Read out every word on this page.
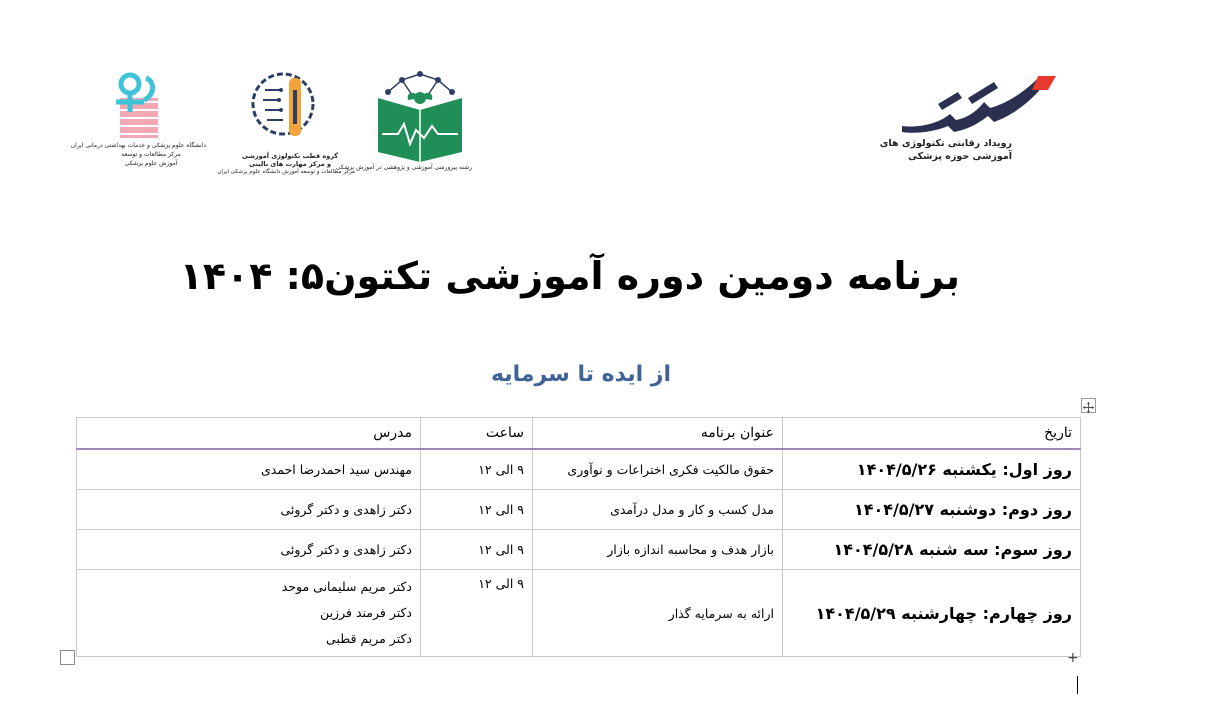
رویداد رقابتی تکنولوژی های
آموزشی حوزه پزشکی
رشته پیرورشی آموزشی و پژوهشی در آموزش پزشکی
گروه قطب تکنولوژی آموزشی
و مرکز مهارت های بالینی
مرکز مطالعات و توسعه آموزش دانشگاه علوم پزشکی ایران
دانشگاه علوم پزشکی و خدمات بهداشتی درمانی ایران
مرکز مطالعات و توسعه
آموزش علوم پزشکی
برنامه دومین دوره آموزشی تکتون۵: ۱۴۰۴
از ایده تا سرمایه
تاریخ	عنوان برنامه	ساعت	مدرس
روز اول: یکشنبه ۱۴۰۴/۵/۲۶	حقوق مالکیت فکری اختراعات و نوآوری	۹ الی ۱۲	مهندس سید احمدرضا احمدی
روز دوم: دوشنبه ۱۴۰۴/۵/۲۷	مدل کسب و کار و مدل درآمدی	۹ الی ۱۲	دکتر زاهدی و دکتر گروئی
روز سوم: سه شنبه ۱۴۰۴/۵/۲۸	بازار هدف و محاسبه اندازه بازار	۹ الی ۱۲	دکتر زاهدی و دکتر گروئی
روز چهارم: چهارشنبه ۱۴۰۴/۵/۲۹	ارائه به سرمایه گذار	۹ الی ۱۲	دکتر مریم سلیمانی موحد
دکتر فرمند فرزین
دکتر مریم قطبی
+
